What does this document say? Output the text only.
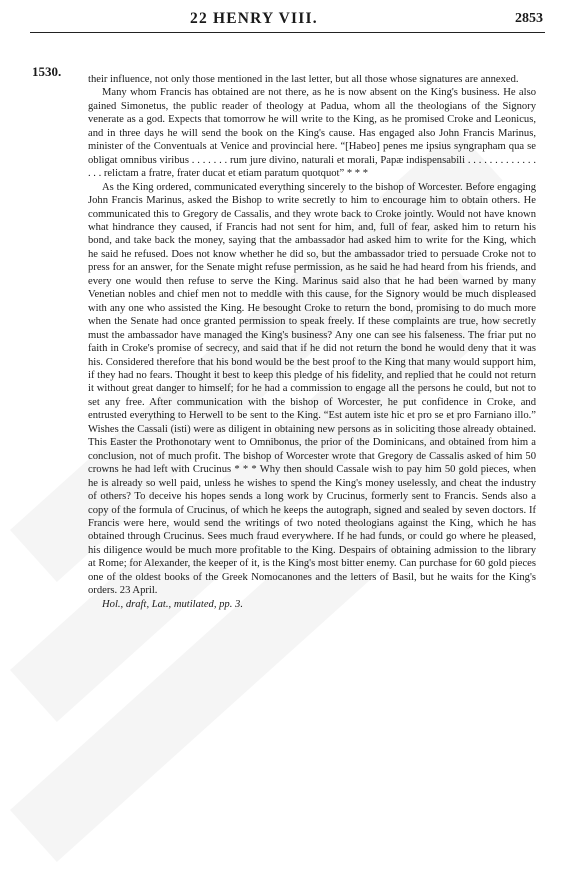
22 HENRY VIII.	2853
1530.

their influence, not only those mentioned in the last letter, but all those whose signatures are annexed.

Many whom Francis has obtained are not there, as he is now absent on the King's business. He also gained Simonetus, the public reader of theology at Padua, whom all the theologians of the Signory venerate as a god. Expects that tomorrow he will write to the King, as he promised Croke and Leonicus, and in three days he will send the book on the King's cause. Has engaged also John Francis Marinus, minister of the Conventuals at Venice and provincial here. “[Habeo] penes me ipsius syngrapham qua se obligat omnibus viribus . . . . . . . rum jure divino, naturali et morali, Papæ indispensabili . . . . . . . . . . . . . . . . relictam a fratre, frater ducat et etiam paratum quotquot” * * *

As the King ordered, communicated everything sincerely to the bishop of Worcester. Before engaging John Francis Marinus, asked the Bishop to write secretly to him to encourage him to obtain others. He communicated this to Gregory de Cassalis, and they wrote back to Croke jointly. Would not have known what hindrance they caused, if Francis had not sent for him, and, full of fear, asked him to return his bond, and take back the money, saying that the ambassador had asked him to write for the King, which he said he refused. Does not know whether he did so, but the ambassador tried to persuade Croke not to press for an answer, for the Senate might refuse permission, as he said he had heard from his friends, and every one would then refuse to serve the King. Marinus said also that he had been warned by many Venetian nobles and chief men not to meddle with this cause, for the Signory would be much displeased with any one who assisted the King. He besought Croke to return the bond, promising to do much more when the Senate had once granted permission to speak freely. If these complaints are true, how secretly must the ambassador have managed the King's business? Any one can see his falseness. The friar put no faith in Croke's promise of secrecy, and said that if he did not return the bond he would deny that it was his. Considered therefore that his bond would be the best proof to the King that many would support him, if they had no fears. Thought it best to keep this pledge of his fidelity, and replied that he could not return it without great danger to himself; for he had a commission to engage all the persons he could, but not to set any free. After communication with the bishop of Worcester, he put confidence in Croke, and entrusted everything to Herwell to be sent to the King. “Est autem iste hic et pro se et pro Farniano illo.” Wishes the Cassali (isti) were as diligent in obtaining new persons as in soliciting those already obtained. This Easter the Prothonotary went to Omnibonus, the prior of the Dominicans, and obtained from him a conclusion, not of much profit. The bishop of Worcester wrote that Gregory de Cassalis asked of him 50 crowns he had left with Crucinus * * * Why then should Cassale wish to pay him 50 gold pieces, when he is already so well paid, unless he wishes to spend the King's money uselessly, and cheat the industry of others? To deceive his hopes sends a long work by Crucinus, formerly sent to Francis. Sends also a copy of the formula of Crucinus, of which he keeps the autograph, signed and sealed by seven doctors. If Francis were here, would send the writings of two noted theologians against the King, which he has obtained through Crucinus. Sees much fraud everywhere. If he had funds, or could go where he pleased, his diligence would be much more profitable to the King. Despairs of obtaining admission to the library at Rome; for Alexander, the keeper of it, is the King's most bitter enemy. Can purchase for 60 gold pieces one of the oldest books of the Greek Nomocanones and the letters of Basil, but he waits for the King's orders. 23 April.

Hol., draft, Lat., mutilated, pp. 3.
